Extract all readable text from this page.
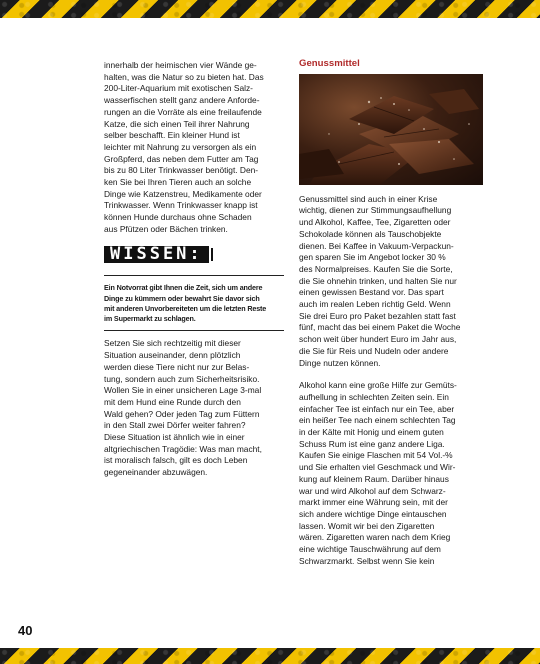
innerhalb der heimischen vier Wände ge-
halten, was die Natur so zu bieten hat. Das
200-Liter-Aquarium mit exotischen Salz-
wasserfischen stellt ganz andere Anforde-
rungen an die Vorräte als eine freilaufende
Katze, die sich einen Teil ihrer Nahrung
selber beschafft. Ein kleiner Hund ist
leichter mit Nahrung zu versorgen als ein
Großpferd, das neben dem Futter am Tag
bis zu 80 Liter Trinkwasser benötigt. Den-
ken Sie bei Ihren Tieren auch an solche
Dinge wie Katzenstreu, Medikamente oder
Trinkwasser. Wenn Trinkwasser knapp ist
können Hunde durchaus ohne Schaden
aus Pfützen oder Bächen trinken.

WISSEN:

Ein Notvorrat gibt Ihnen die Zeit, sich um andere
Dinge zu kümmern oder bewahrt Sie davor sich
mit anderen Unvorbereiteten um die letzten Reste
im Supermarkt zu schlagen.

Setzen Sie sich rechtzeitig mit dieser
Situation auseinander, denn plötzlich
werden diese Tiere nicht nur zur Belas-
tung, sondern auch zum Sicherheitsrisiko.
Wollen Sie in einer unsicheren Lage 3-mal
mit dem Hund eine Runde durch den
Wald gehen? Oder jeden Tag zum Füttern
in den Stall zwei Dörfer weiter fahren?
Diese Situation ist ähnlich wie in einer
altgriechischen Tragödie: Was man macht,
ist moralisch falsch, gilt es doch Leben
gegeneinander abzuwägen.

Genussmittel

Genussmittel sind auch in einer Krise
wichtig, dienen zur Stimmungsaufhellung
und Alkohol, Kaffee, Tee, Zigaretten oder
Schokolade können als Tauschobjekte
dienen. Bei Kaffee in Vakuum-Verpackun-
gen sparen Sie im Angebot locker 30 %
des Normalpreises. Kaufen Sie die Sorte,
die Sie ohnehin trinken, und halten Sie nur
einen gewissen Bestand vor. Das spart
auch im realen Leben richtig Geld. Wenn
Sie drei Euro pro Paket bezahlen statt fast
fünf, macht das bei einem Paket die Woche
schon weit über hundert Euro im Jahr aus,
die Sie für Reis und Nudeln oder andere
Dinge nutzen können.

Alkohol kann eine große Hilfe zur Gemüts-
aufhellung in schlechten Zeiten sein. Ein
einfacher Tee ist einfach nur ein Tee, aber
ein heißer Tee nach einem schlechten Tag
in der Kälte mit Honig und einem guten
Schuss Rum ist eine ganz andere Liga.
Kaufen Sie einige Flaschen mit 54 Vol.-%
und Sie erhalten viel Geschmack und Wir-
kung auf kleinem Raum. Darüber hinaus
war und wird Alkohol auf dem Schwarz-
markt immer eine Währung sein, mit der
sich andere wichtige Dinge eintauschen
lassen. Womit wir bei den Zigaretten
wären. Zigaretten waren nach dem Krieg
eine wichtige Tauschwährung auf dem
Schwarzmarkt. Selbst wenn Sie kein

40
